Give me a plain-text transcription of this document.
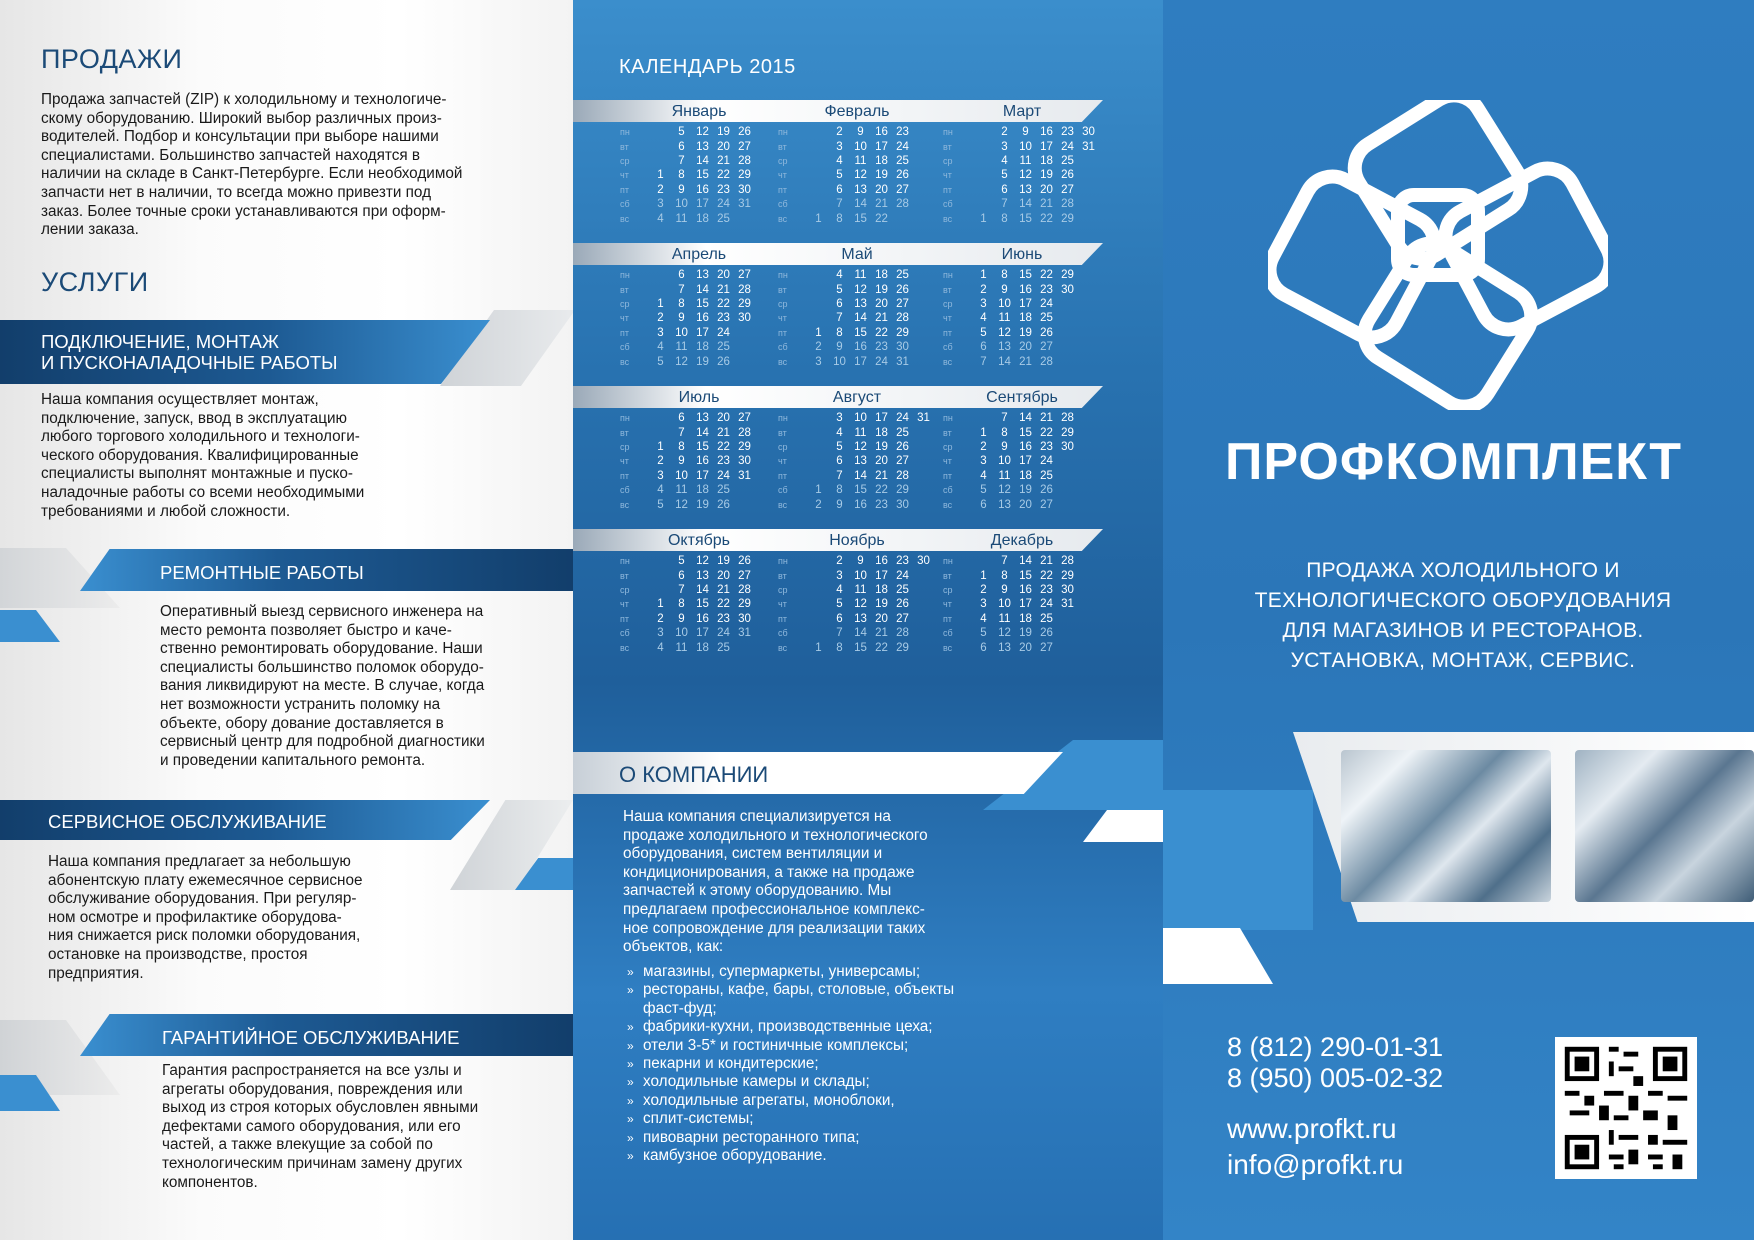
ПРОДАЖИ
Продажа запчастей (ZIP) к холодильному и технологиче-
скому оборудованию. Широкий выбор различных произ-
водителей. Подбор и консультации при выборе нашими
специалистами. Большинство запчастей находятся в
наличии на складе в Санкт-Петербурге. Если необходимой
запчасти нет в наличии, то всегда можно привезти под
заказ. Более точные сроки устанавливаются при оформ-
лении заказа.
УСЛУГИ
ПОДКЛЮЧЕНИЕ, МОНТАЖ
И ПУСКОНАЛАДОЧНЫЕ РАБОТЫ
Наша компания осуществляет монтаж,
подключение, запуск, ввод в эксплуатацию
любого торгового холодильного и технологи-
ческого оборудования. Квалифицированные
специалисты выполнят монтажные и пуско-
наладочные работы со всеми необходимыми
требованиями и любой сложности.
РЕМОНТНЫЕ РАБОТЫ
Оперативный выезд сервисного инженера на
место ремонта позволяет быстро и каче-
ственно ремонтировать оборудование. Наши
специалисты большинство поломок оборудо-
вания ликвидируют на месте. В случае, когда
нет возможности устранить поломку на
объекте, обору дование доставляется в
сервисный центр для подробной диагностики
и проведении капитального ремонта.
СЕРВИСНОЕ ОБСЛУЖИВАНИЕ
Наша компания предлагает за небольшую
абонентскую плату ежемесячное сервисное
обслуживание оборудования. При регуляр-
ном осмотре и профилактике оборудова-
ния снижается риск поломки оборудования,
остановке на производстве, простоя
предприятия.
ГАРАНТИЙНОЕ ОБСЛУЖИВАНИЕ
Гарантия распространяется на все узлы и
агрегаты оборудования, повреждения или
выход из строя которых обусловлен явными
дефектами самого оборудования, или его
частей, а также влекущие за собой по
технологическим причинам замену других
компонентов.
КАЛЕНДАРЬ 2015
Январь
пн	5 12 19 26
вт	6 13 20 27
ср	7 14 21 28
чт	1	8 15 22 29
пт	2	9 16 23 30
сб	3 10 17 24 31
вс	4	11 18 25
Февраль
пн	2	9 16 23
вт	3 10 17 24
ср	4	11 18 25
чт	5 12 19 26
пт	6 13 20 27
сб	7 14 21 28
вс	1	8 15 22
Март
пн	2	9 16 23 30
вт	3 10 17 24 31
ср	4	11 18 25
чт	5 12 19 26
пт	6 13 20 27
сб	7 14 21 28
вс	1	8 15 22 29
Апрель
пн	6 13 20 27
вт	7 14 21 28
ср	1	8 15 22 29
чт	2	9 16 23 30
пт	3 10 17 24
сб	4	11 18 25
вс	5 12 19 26
Май
пн	4	11 18 25
вт	5 12 19 26
ср	6 13 20 27
чт	7 14 21 28
пт	1	8 15 22 29
сб	2	9 16 23 30
вс	3 10 17 24 31
Июнь
пн	1	8 15 22 29
вт	2	9 16 23 30
ср	3 10 17 24
чт	4	11 18 25
пт	5 12 19 26
сб	6 13 20 27
вс	7 14 21 28
Июль
пн	6 13 20 27
вт	7 14 21 28
ср	1	8 15 22 29
чт	2	9 16 23 30
пт	3 10 17 24 31
сб	4	11 18 25
вс	5 12 19 26
Август
пн	3 10 17 24 31
вт	4	11 18 25
ср	5 12 19 26
чт	6 13 20 27
пт	7 14 21 28
сб	1	8 15 22 29
вс	2	9 16 23 30
Сентябрь
пн	7 14 21 28
вт	1	8 15 22 29
ср	2	9 16 23 30
чт	3 10 17 24
пт	4	11 18 25
сб	5 12 19 26
вс	6 13 20 27
Октябрь
пн	5 12 19 26
вт	6 13 20 27
ср	7 14 21 28
чт	1	8 15 22 29
пт	2	9 16 23 30
сб	3 10 17 24 31
вс	4	11 18 25
Ноябрь
пн	2	9 16 23 30
вт	3 10 17 24
ср	4	11 18 25
чт	5 12 19 26
пт	6 13 20 27
сб	7 14 21 28
вс	1	8 15 22 29
Декабрь
пн	7 14 21 28
вт	1	8 15 22 29
ср	2	9 16 23 30
чт	3 10 17 24 31
пт	4	11 18 25
сб	5 12 19 26
вс	6 13 20 27
О КОМПАНИИ
Наша компания специализируется на
продаже холодильного и технологического
оборудования, систем вентиляции и
кондиционирования, а также на продаже
запчастей к этому оборудованию. Мы
предлагаем профессиональное комплекс-
ное сопровождение для реализации таких
объектов, как:
» магазины, супермаркеты, универсамы;
» рестораны, кафе, бары, столовые, объекты
фаст-фуд;
» фабрики-кухни, производственные цеха;
» отели 3-5* и гостиничные комплексы;
» пекарни и кондитерские;
» холодильные камеры и склады;
» холодильные агрегаты, моноблоки,
» сплит-системы;
» пивоварни ресторанного типа;
» камбузное оборудование.
ПРОФКОМПЛЕКТ
ПРОДАЖА ХОЛОДИЛЬНОГО И
ТЕХНОЛОГИЧЕСКОГО ОБОРУДОВАНИЯ
ДЛЯ МАГАЗИНОВ И РЕСТОРАНОВ.
УСТАНОВКА, МОНТАЖ, СЕРВИС.
8 (812) 290-01-31
8 (950) 005-02-32
www.profkt.ru
info@profkt.ru
